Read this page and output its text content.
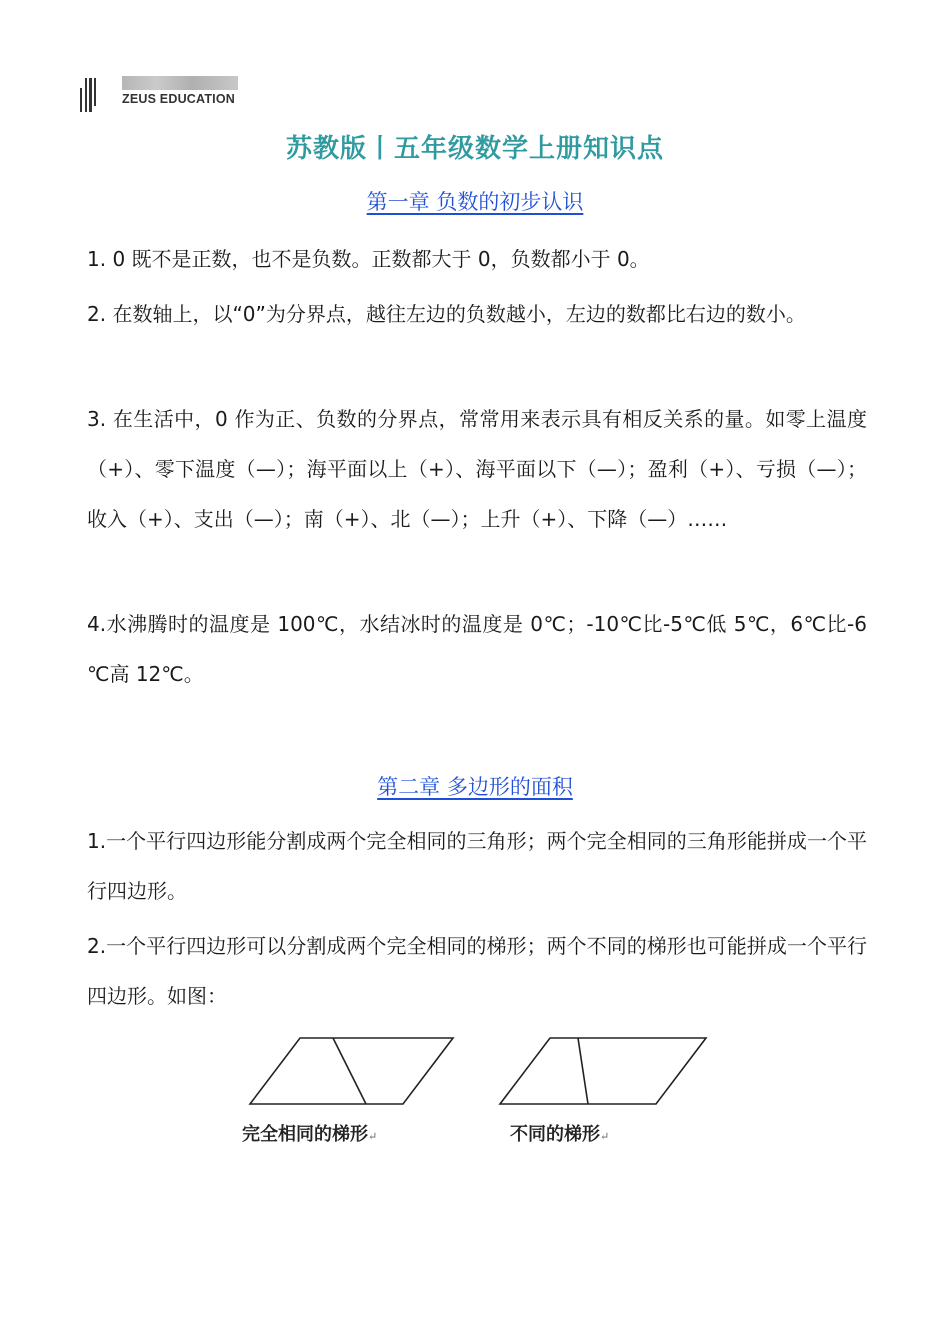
ZEUS EDUCATION
苏教版丨五年级数学上册知识点
第一章 负数的初步认识

1. 0 既不是正数，也不是负数。正数都大于 0，负数都小于 0。

2. 在数轴上，以“0”为分界点，越往左边的负数越小，左边的数都比右边的数小。

3. 在生活中，0 作为正、负数的分界点，常常用来表示具有相反关系的量。如零上温度（+）、零下温度（—）；海平面以上（+）、海平面以下（—）；盈利（+）、亏损（—）；收入（+）、支出（—）；南（+）、北（—）；上升（+）、下降（—）……

4.水沸腾时的温度是 100℃，水结冰时的温度是 0℃；-10℃比-5℃低 5℃，6℃比-6 ℃高 12℃。

第二章 多边形的面积

1.一个平行四边形能分割成两个完全相同的三角形；两个完全相同的三角形能拼成一个平行四边形。

2.一个平行四边形可以分割成两个完全相同的梯形；两个不同的梯形也可能拼成一个平行四边形。如图：

完全相同的梯形↵	不同的梯形↵
